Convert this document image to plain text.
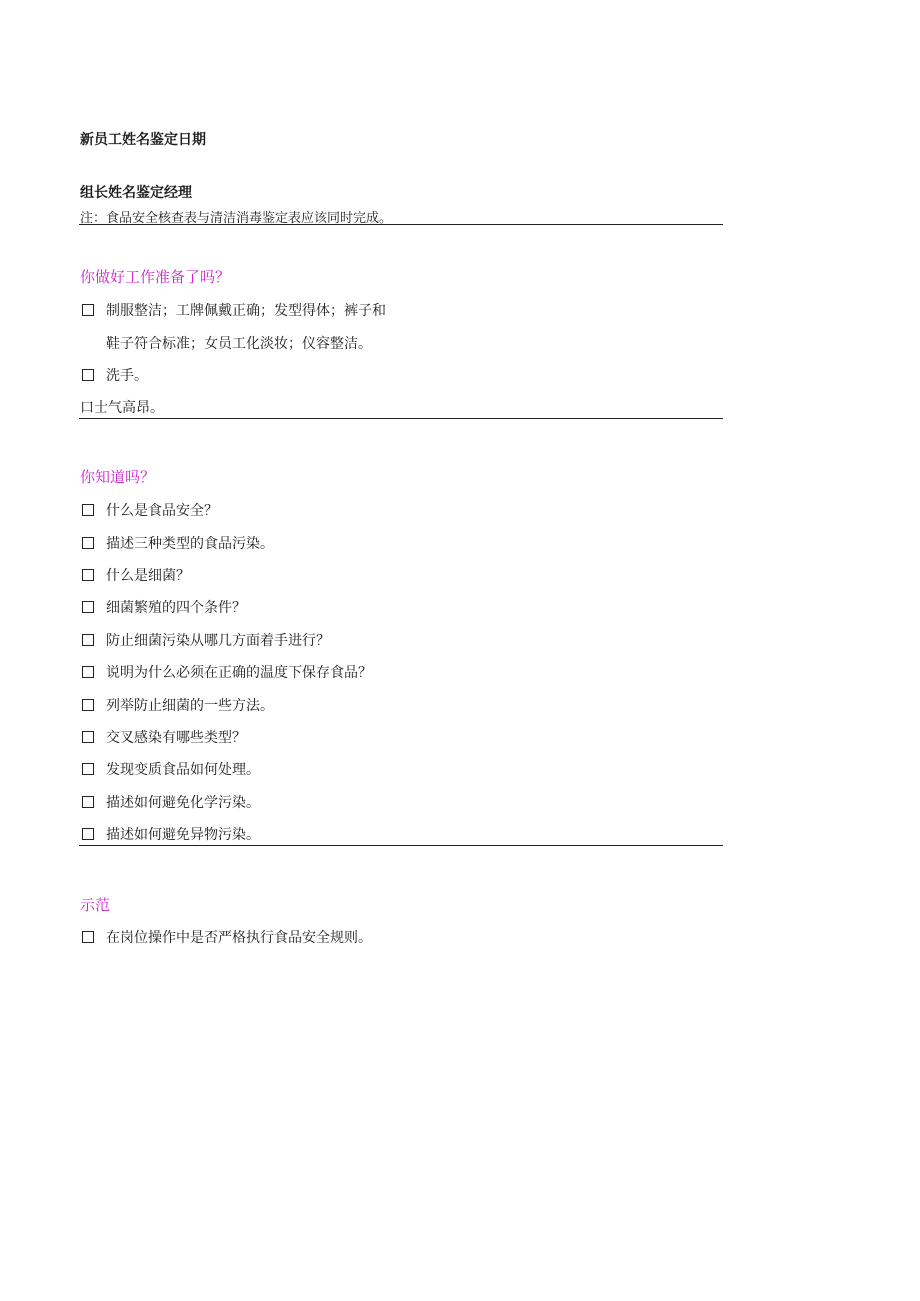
新员工姓名鉴定日期
组长姓名鉴定经理
注：食品安全核查表与清洁消毒鉴定表应该同时完成。
你做好工作准备了吗？
制服整洁；工牌佩戴正确；发型得体；裤子和
鞋子符合标准；女员工化淡妆；仪容整洁。
洗手。
口士气高昂。
你知道吗？
什么是食品安全？
描述三种类型的食品污染。
什么是细菌？
细菌繁殖的四个条件？
防止细菌污染从哪几方面着手进行？
说明为什么必须在正确的温度下保存食品？
列举防止细菌的一些方法。
交叉感染有哪些类型？
发现变质食品如何处理。
描述如何避免化学污染。
描述如何避免异物污染。
示范
在岗位操作中是否严格执行食品安全规则。
